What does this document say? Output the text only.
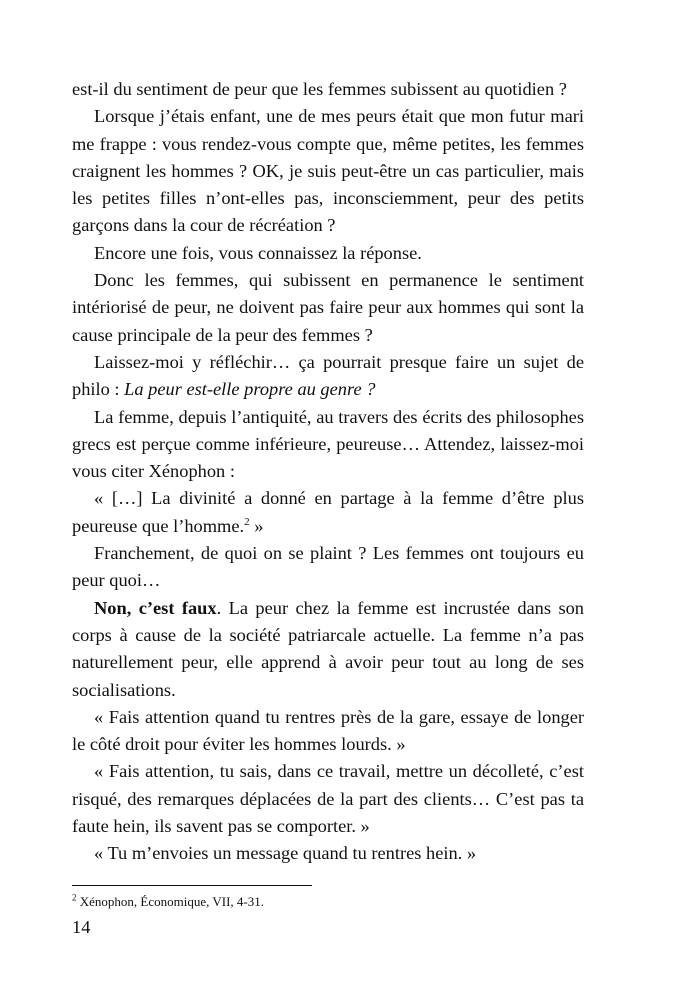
est-il du sentiment de peur que les femmes subissent au quotidien ?

Lorsque j’étais enfant, une de mes peurs était que mon futur mari me frappe : vous rendez-vous compte que, même petites, les femmes craignent les hommes ? OK, je suis peut-être un cas particulier, mais les petites filles n’ont-elles pas, inconsciemment, peur des petits garçons dans la cour de récréation ?

Encore une fois, vous connaissez la réponse.

Donc les femmes, qui subissent en permanence le sentiment intériorisé de peur, ne doivent pas faire peur aux hommes qui sont la cause principale de la peur des femmes ?

Laissez-moi y réfléchir… ça pourrait presque faire un sujet de philo : La peur est-elle propre au genre ?

La femme, depuis l’antiquité, au travers des écrits des philosophes grecs est perçue comme inférieure, peureuse… Attendez, laissez-moi vous citer Xénophon :

« […] La divinité a donné en partage à la femme d’être plus peureuse que l’homme.$^2$ »

Franchement, de quoi on se plaint ? Les femmes ont toujours eu peur quoi…

Non, c’est faux. La peur chez la femme est incrustée dans son corps à cause de la société patriarcale actuelle. La femme n’a pas naturellement peur, elle apprend à avoir peur tout au long de ses socialisations.

« Fais attention quand tu rentres près de la gare, essaye de longer le côté droit pour éviter les hommes lourds. »

« Fais attention, tu sais, dans ce travail, mettre un décolleté, c’est risqué, des remarques déplacées de la part des clients… C’est pas ta faute hein, ils savent pas se comporter. »

« Tu m’envoies un message quand tu rentres hein. »

$^2$ Xénophon, Économique, VII, 4-31.
14
